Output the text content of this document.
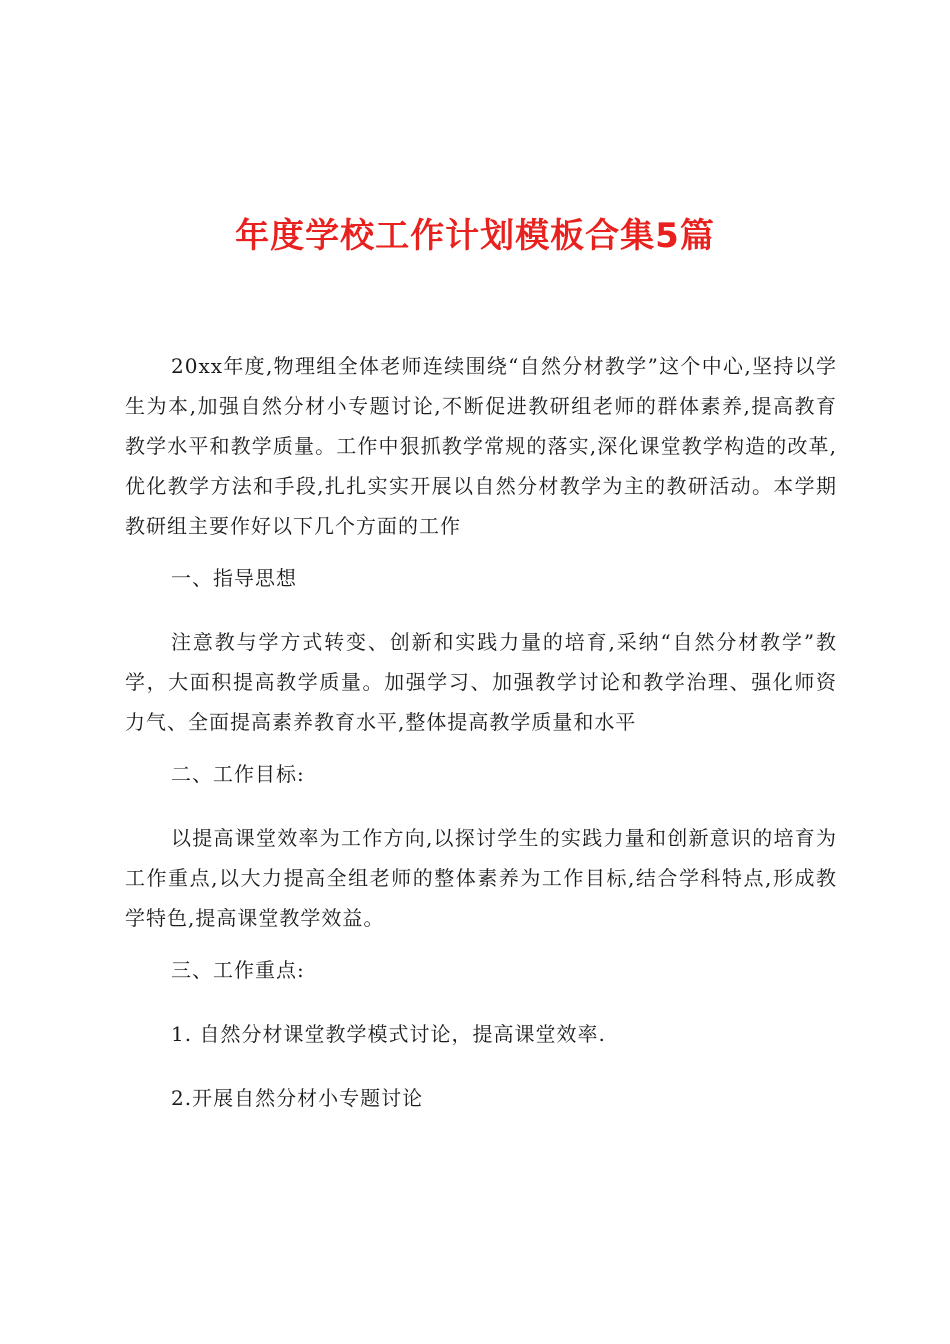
年度学校工作计划模板合集5篇

20xx年度,物理组全体老师连续围绕“自然分材教学”这个中心,坚持以学生为本,加强自然分材小专题讨论,不断促进教研组老师的群体素养,提高教育教学水平和教学质量。工作中狠抓教学常规的落实,深化课堂教学构造的改革,优化教学方法和手段,扎扎实实开展以自然分材教学为主的教研活动。本学期教研组主要作好以下几个方面的工作

一、指导思想

注意教与学方式转变、创新和实践力量的培育,采纳“自然分材教学”教学，大面积提高教学质量。加强学习、加强教学讨论和教学治理、强化师资力气、全面提高素养教育水平,整体提高教学质量和水平

二、工作目标:

以提高课堂效率为工作方向,以探讨学生的实践力量和创新意识的培育为工作重点,以大力提高全组老师的整体素养为工作目标,结合学科特点,形成教学特色,提高课堂教学效益。

三、工作重点:

1. 自然分材课堂教学模式讨论，提高课堂效率.

2.开展自然分材小专题讨论
